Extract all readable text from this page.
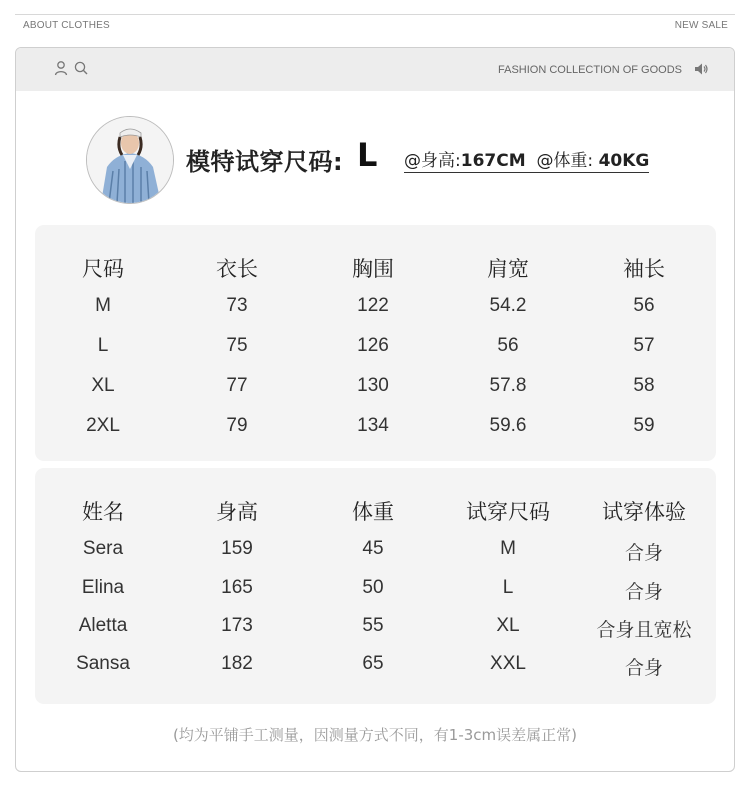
ABOUT CLOTHES	NEW SALE
FASHION COLLECTION OF GOODS
模特试穿尺码: L @身高:167CM @体重: 40KG
尺码	衣长	胸围	肩宽	袖长
M	73	122	54.2	56
L	75	126	56	57
XL	77	130	57.8	58
2XL	79	134	59.6	59
姓名	身高	体重	试穿尺码	试穿体验
Sera	159	45	M	合身
Elina	165	50	L	合身
Aletta	173	55	XL	合身且宽松
Sansa	182	65	XXL	合身
(均为平铺手工测量，因测量方式不同，有1-3cm误差属正常)
